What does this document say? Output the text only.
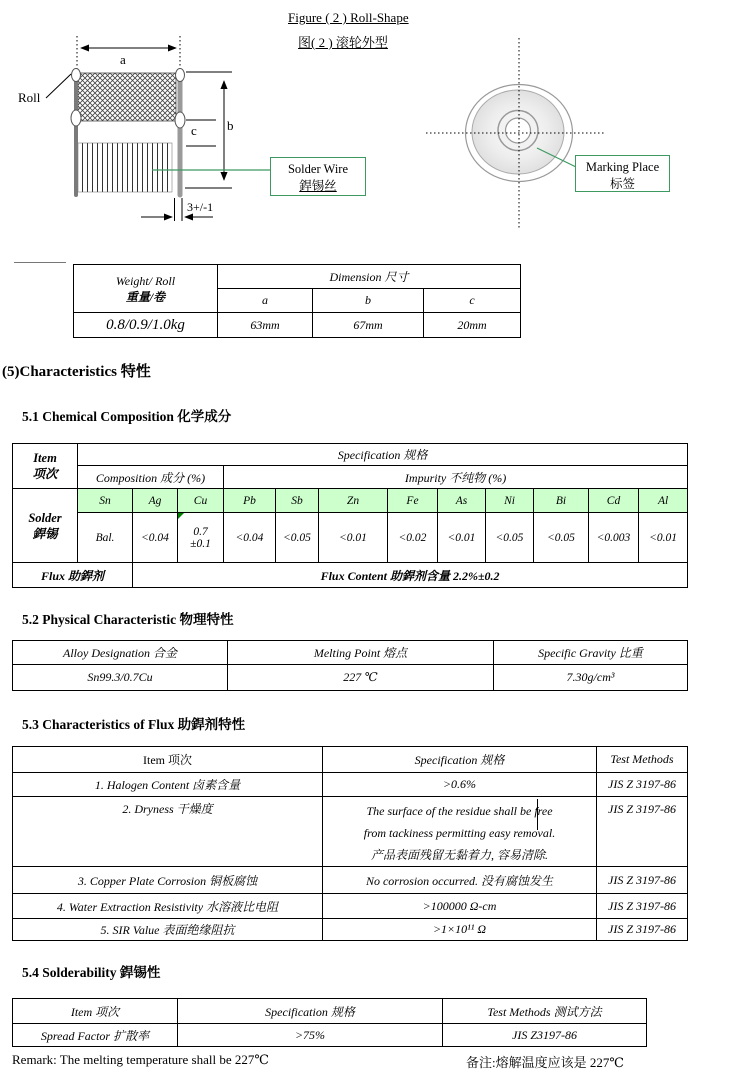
Figure ( 2 ) Roll-Shape
图( 2 ) 滚轮外型
Roll
a
b
c
3+/-1
Solder Wire
銲锡丝
Marking Place
标签
Weight/ Roll
重量/卷	Dimension 尺寸		
	a	b	c
0.8/0.9/1.0kg	63mm	67mm	20mm
(5)Characteristics 特性
5.1 Chemical Composition 化学成分
Item
项次	Specification 规格											
	Composition 成分 (%)			Impurity 不纯物 (%)								

Solder
銲锡	Sn	Ag	Cu	Pb	Sb	Zn	Fe	As	Ni	Bi	Cd	Al
	Bal.	<0.04	0.7
±0.1	<0.04	<0.05	<0.01	<0.02	<0.01	<0.05	<0.05	<0.003	<0.01
Flux 助銲剂		Flux Content 助銲剂含量 2.2%±0.2										
5.2 Physical Characteristic 物理特性
Alloy Designation 合金	Melting Point 熔点	Specific Gravity 比重
Sn99.3/0.7Cu	227 ℃	7.30g/cm³
5.3 Characteristics of Flux 助銲剂特性
Item 项次	Specification 规格	Test Methods
1. Halogen Content 卤素含量	>0.6%	JIS Z 3197-86
2. Dryness 干燥度	The surface of the residue shall be free
from tackiness permitting easy removal.
产品表面残留无黏着力, 容易清除.	JIS Z 3197-86
3. Copper Plate Corrosion 铜板腐蚀	No corrosion occurred. 没有腐蚀发生	JIS Z 3197-86
4. Water Extraction Resistivity 水溶液比电阻	>100000 Ω-cm	JIS Z 3197-86
5. SIR Value 表面绝缘阻抗	>1×10¹¹ Ω	JIS Z 3197-86
5.4 Solderability 銲锡性
Item 项次	Specification 规格	Test Methods 测试方法
Spread Factor 扩散率	>75%	JIS Z3197-86
Remark: The melting temperature shall be 227℃	备注:熔解温度应该是 227℃
